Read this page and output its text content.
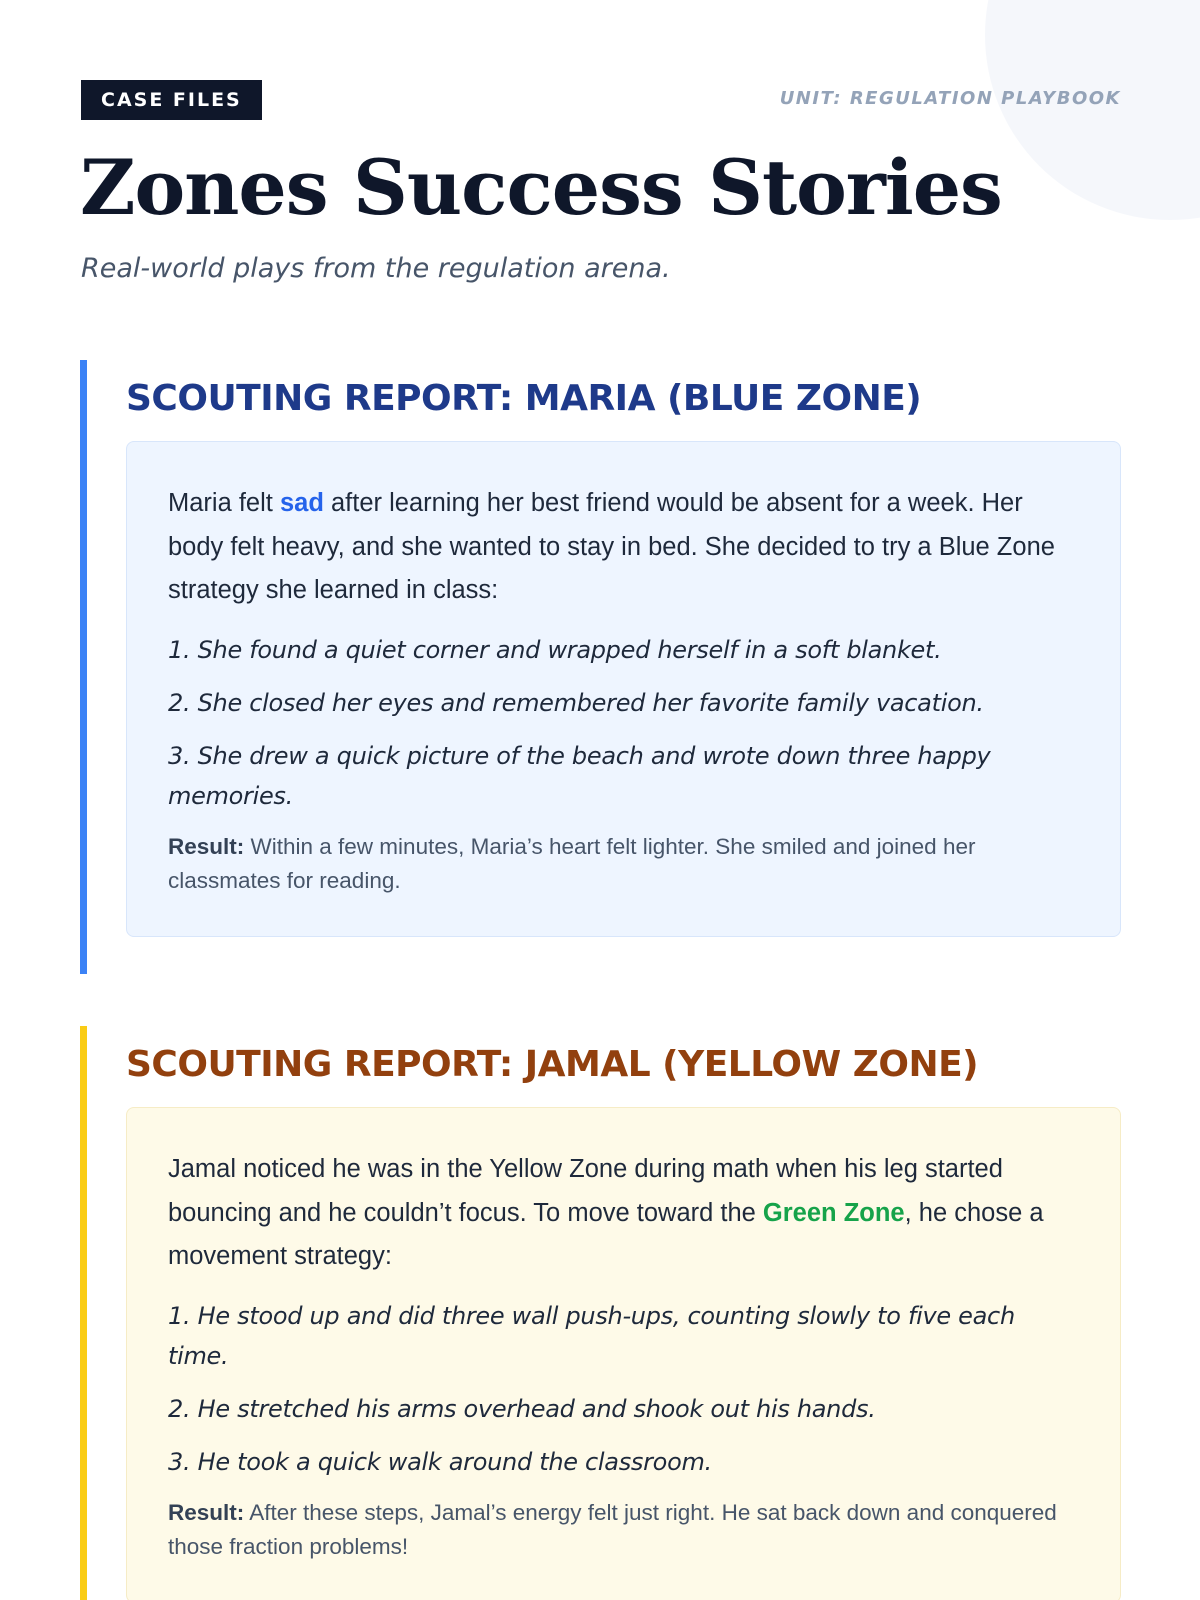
CASE FILES	UNIT: REGULATION PLAYBOOK
Zones Success Stories

Real-world plays from the regulation arena.

SCOUTING REPORT: MARIA (BLUE ZONE)

Maria felt sad after learning her best friend would be absent for a week. Her body felt heavy, and she wanted to stay in bed. She decided to try a Blue Zone strategy she learned in class:

1. She found a quiet corner and wrapped herself in a soft blanket.
2. She closed her eyes and remembered her favorite family vacation.
3. She drew a quick picture of the beach and wrote down three happy memories.

Result: Within a few minutes, Maria’s heart felt lighter. She smiled and joined her classmates for reading.

SCOUTING REPORT: JAMAL (YELLOW ZONE)

Jamal noticed he was in the Yellow Zone during math when his leg started bouncing and he couldn’t focus. To move toward the Green Zone, he chose a movement strategy:

1. He stood up and did three wall push-ups, counting slowly to five each time.
2. He stretched his arms overhead and shook out his hands.
3. He took a quick walk around the classroom.

Result: After these steps, Jamal’s energy felt just right. He sat back down and conquered those fraction problems!
